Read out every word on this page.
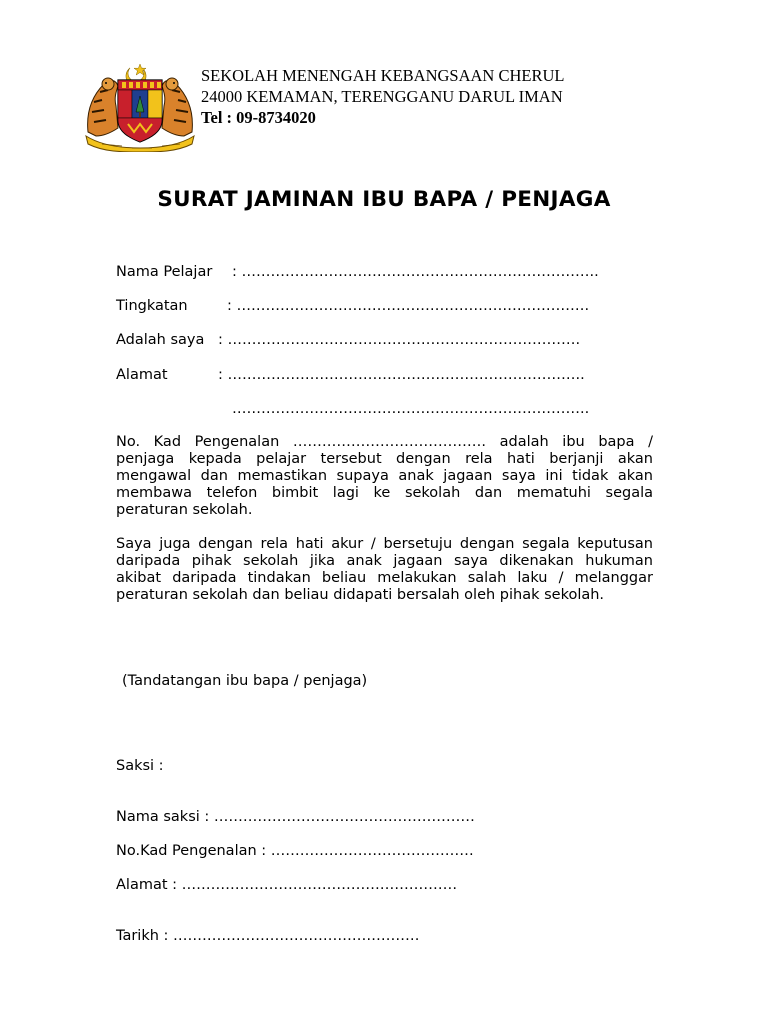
SEKOLAH MENENGAH KEBANGSAAN CHERUL
24000 KEMAMAN, TERENGGANU DARUL IMAN
Tel : 09-8734020
SURAT JAMINAN IBU BAPA / PENJAGA
Nama Pelajar : ………………………………………………………………..
Tingkatan	: ……………………………………………………………….
Adalah saya : ……………………………………………………………….
Alamat	: ………………………………………………………………..
………………………………………………………………..
No. Kad Pengenalan …………………………………. adalah ibu bapa /
penjaga kepada pelajar tersebut dengan rela hati berjanji akan
mengawal dan memastikan supaya anak jagaan saya ini tidak akan
membawa telefon bimbit lagi ke sekolah dan mematuhi segala
peraturan sekolah.
Saya juga dengan rela hati akur / bersetuju dengan segala keputusan
daripada pihak sekolah jika anak jagaan saya dikenakan hukuman
akibat daripada tindakan beliau melakukan salah laku / melanggar
peraturan sekolah dan beliau didapati bersalah oleh pihak sekolah.
(Tandatangan ibu bapa / penjaga)
Saksi :
Nama saksi : ………………………………………………
No.Kad Pengenalan : ……………………………………
Alamat : …………………………………………………
Tarikh : ……………………………………………
